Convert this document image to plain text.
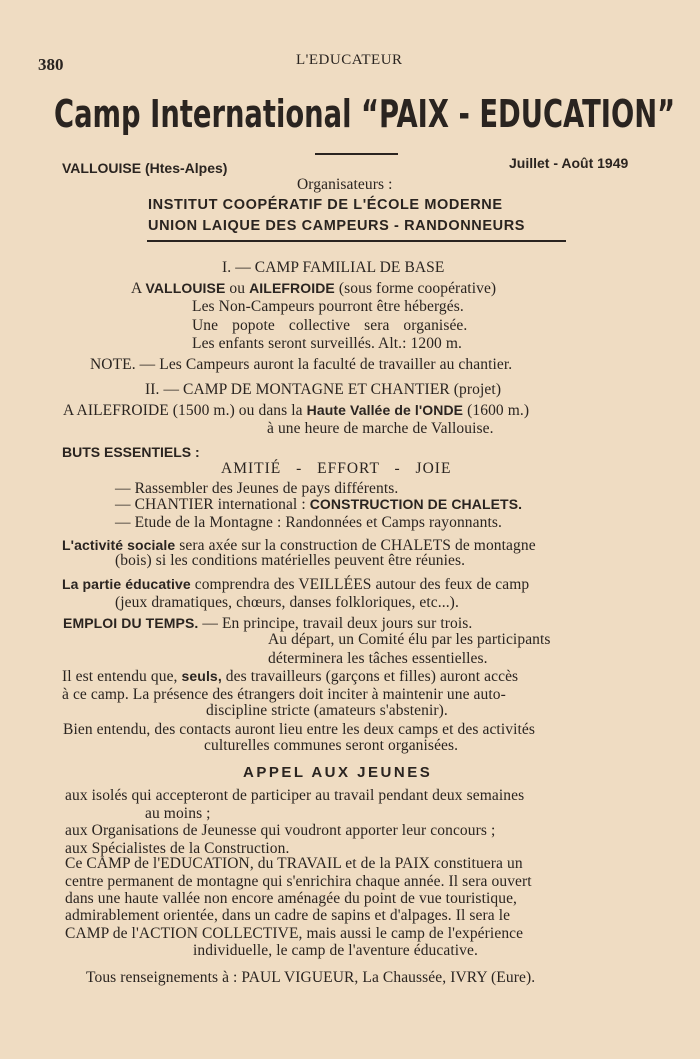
380	L'EDUCATEUR
Camp International “PAIX - EDUCATION”
VALLOUISE (Htes-Alpes)	Juillet - Août 1949
Organisateurs :
INSTITUT COOPÉRATIF DE L'ÉCOLE MODERNE
UNION LAIQUE DES CAMPEURS - RANDONNEURS
I. — CAMP FAMILIAL DE BASE
A VALLOUISE ou AILEFROIDE (sous forme coopérative)
Les Non-Campeurs pourront être hébergés.
Une popote collective sera organisée.
Les enfants seront surveillés. Alt.: 1200 m.
NOTE. — Les Campeurs auront la faculté de travailler au chantier.
II. — CAMP DE MONTAGNE ET CHANTIER (projet)
A AILEFROIDE (1500 m.) ou dans la Haute Vallée de l'ONDE (1600 m.)
à une heure de marche de Vallouise.
BUTS ESSENTIELS :
AMITIÉ - EFFORT - JOIE
— Rassembler des Jeunes de pays différents.
— CHANTIER international : CONSTRUCTION DE CHALETS.
— Etude de la Montagne : Randonnées et Camps rayonnants.
L'activité sociale sera axée sur la construction de CHALETS de montagne
(bois) si les conditions matérielles peuvent être réunies.
La partie éducative comprendra des VEILLÉES autour des feux de camp
(jeux dramatiques, chœurs, danses folkloriques, etc...).
EMPLOI DU TEMPS. — En principe, travail deux jours sur trois.
Au départ, un Comité élu par les participants
déterminera les tâches essentielles.
Il est entendu que, seuls, des travailleurs (garçons et filles) auront accès
à ce camp. La présence des étrangers doit inciter à maintenir une auto-
discipline stricte (amateurs s'abstenir).
Bien entendu, des contacts auront lieu entre les deux camps et des activités
culturelles communes seront organisées.
APPEL AUX JEUNES
aux isolés qui accepteront de participer au travail pendant deux semaines
au moins ;
aux Organisations de Jeunesse qui voudront apporter leur concours ;
aux Spécialistes de la Construction.
Ce CAMP de l'EDUCATION, du TRAVAIL et de la PAIX constituera un
centre permanent de montagne qui s'enrichira chaque année. Il sera ouvert
dans une haute vallée non encore aménagée du point de vue touristique,
admirablement orientée, dans un cadre de sapins et d'alpages. Il sera le
CAMP de l'ACTION COLLECTIVE, mais aussi le camp de l'expérience
individuelle, le camp de l'aventure éducative.
Tous renseignements à : PAUL VIGUEUR, La Chaussée, IVRY (Eure).
